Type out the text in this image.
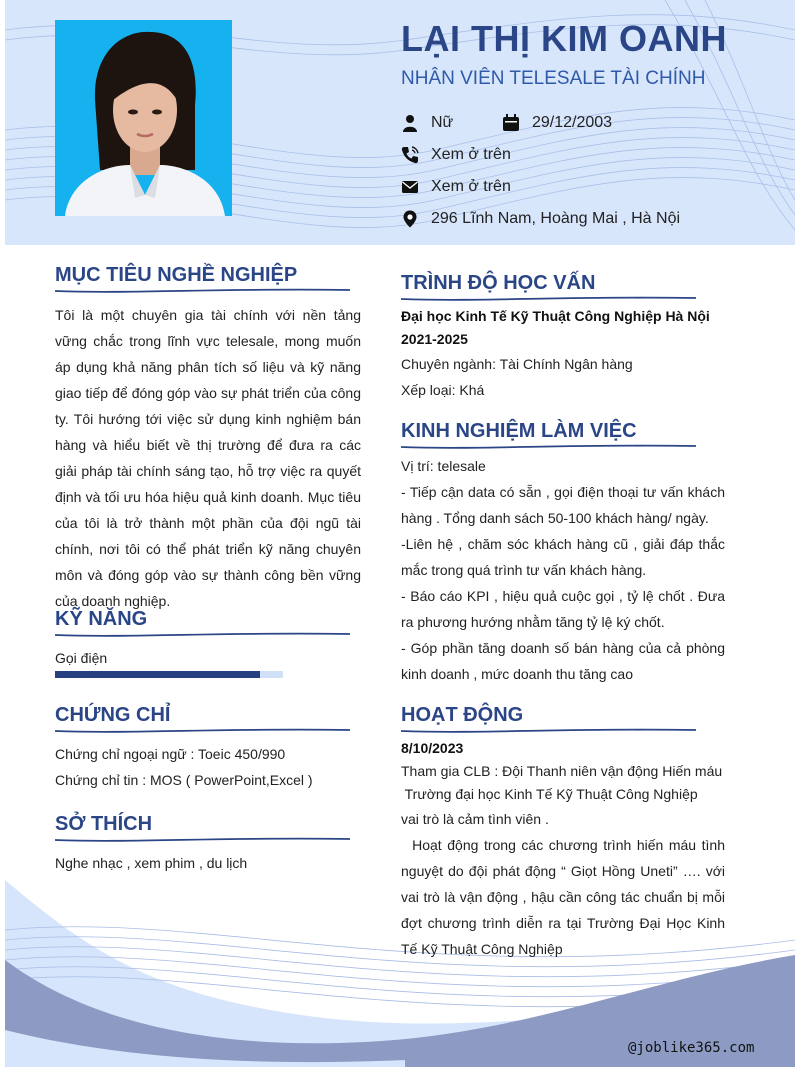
LẠI THỊ KIM OANH
NHÂN VIÊN TELESALE TÀI CHÍNH
Nữ	29/12/2003
Xem ở trên
Xem ở trên
296 Lĩnh Nam, Hoàng Mai , Hà Nội
MỤC TIÊU NGHỀ NGHIỆP
Tôi là một chuyên gia tài chính với nền tảng vững chắc trong lĩnh vực telesale, mong muốn áp dụng khả năng phân tích số liệu và kỹ năng giao tiếp để đóng góp vào sự phát triển của công ty. Tôi hướng tới việc sử dụng kinh nghiệm bán hàng và hiểu biết về thị trường để đưa ra các giải pháp tài chính sáng tạo, hỗ trợ việc ra quyết định và tối ưu hóa hiệu quả kinh doanh. Mục tiêu của tôi là trở thành một phần của đội ngũ tài chính, nơi tôi có thể phát triển kỹ năng chuyên môn và đóng góp vào sự thành công bền vững của doanh nghiệp.
KỸ NĂNG
Gọi điện
CHỨNG CHỈ
Chứng chỉ ngoại ngữ : Toeic 450/990
Chứng chỉ tin : MOS ( PowerPoint,Excel )
SỞ THÍCH
Nghe nhạc , xem phim , du lịch
TRÌNH ĐỘ HỌC VẤN
Đại học Kinh Tế Kỹ Thuật Công Nghiệp Hà Nội
2021-2025
Chuyên ngành: Tài Chính Ngân hàng
Xếp loại: Khá
KINH NGHIỆM LÀM VIỆC
Vị trí: telesale
- Tiếp cận data có sẵn , gọi điện thoại tư vấn khách hàng . Tổng danh sách 50-100 khách hàng/ ngày.
-Liên hệ , chăm sóc khách hàng cũ , giải đáp thắc mắc trong quá trình tư vấn khách hàng.
- Báo cáo KPI , hiệu quả cuộc gọi , tỷ lệ chốt . Đưa ra phương hướng nhằm tăng tỷ lệ ký chốt.
- Góp phần tăng doanh số bán hàng của cả phòng kinh doanh , mức doanh thu tăng cao
HOẠT ĐỘNG
8/10/2023
Tham gia CLB : Đội Thanh niên vận động Hiến máu
Trường đại học Kinh Tế Kỹ Thuật Công Nghiệp
vai trò là cảm tình viên .
Hoạt động trong các chương trình hiến máu tình nguyệt do đội phát động “ Giọt Hồng Uneti” …. với vai trò là vận động , hậu cần công tác chuẩn bị mỗi đợt chương trình diễn ra tại Trường Đại Học Kinh Tế Kỹ Thuật Công Nghiệp
@joblike365.com
